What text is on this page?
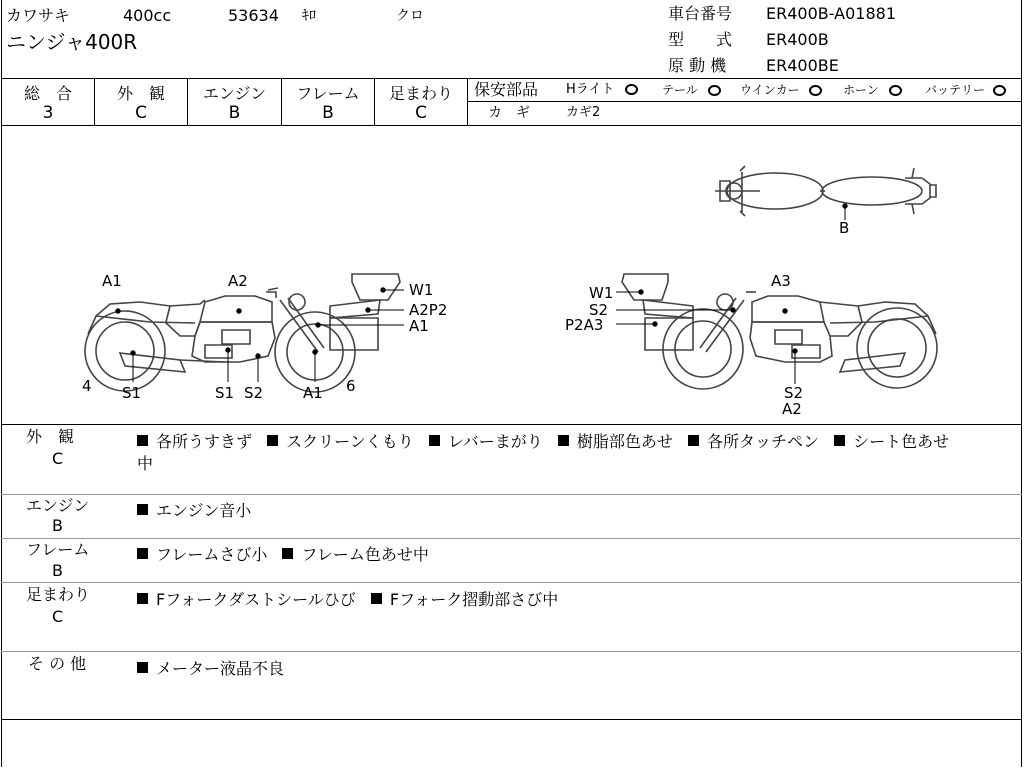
カワサキ	400cc	53634 ｷﾛ	クロ
ニンジャ400R
車台番号 ER400B-A01881
型　　式 ER400B
原 動 機 ER400BE
総　合
3
外　観
C
エンジン
B
フレーム
B
足まわり
C
保安部品 Hライト	テール	ウインカー	ホーン	バッテリー
カ　ギ	カギ2
B
A1	A2	W1
A2P2
A1
4 S1	S1 S2	A1 6
W1
S2
P2A3
A3
S2
A2
外　観
C
各所うすきず スクリーンくもり レバーまがり 樹脂部色あせ 各所タッチペン シート色あせ
中
エンジン
B
エンジン音小
フレーム
B
フレームさび小 フレーム色あせ中
足まわり
C
Fフォークダストシールひび Fフォーク摺動部さび中
そ の 他	メーター液晶不良
